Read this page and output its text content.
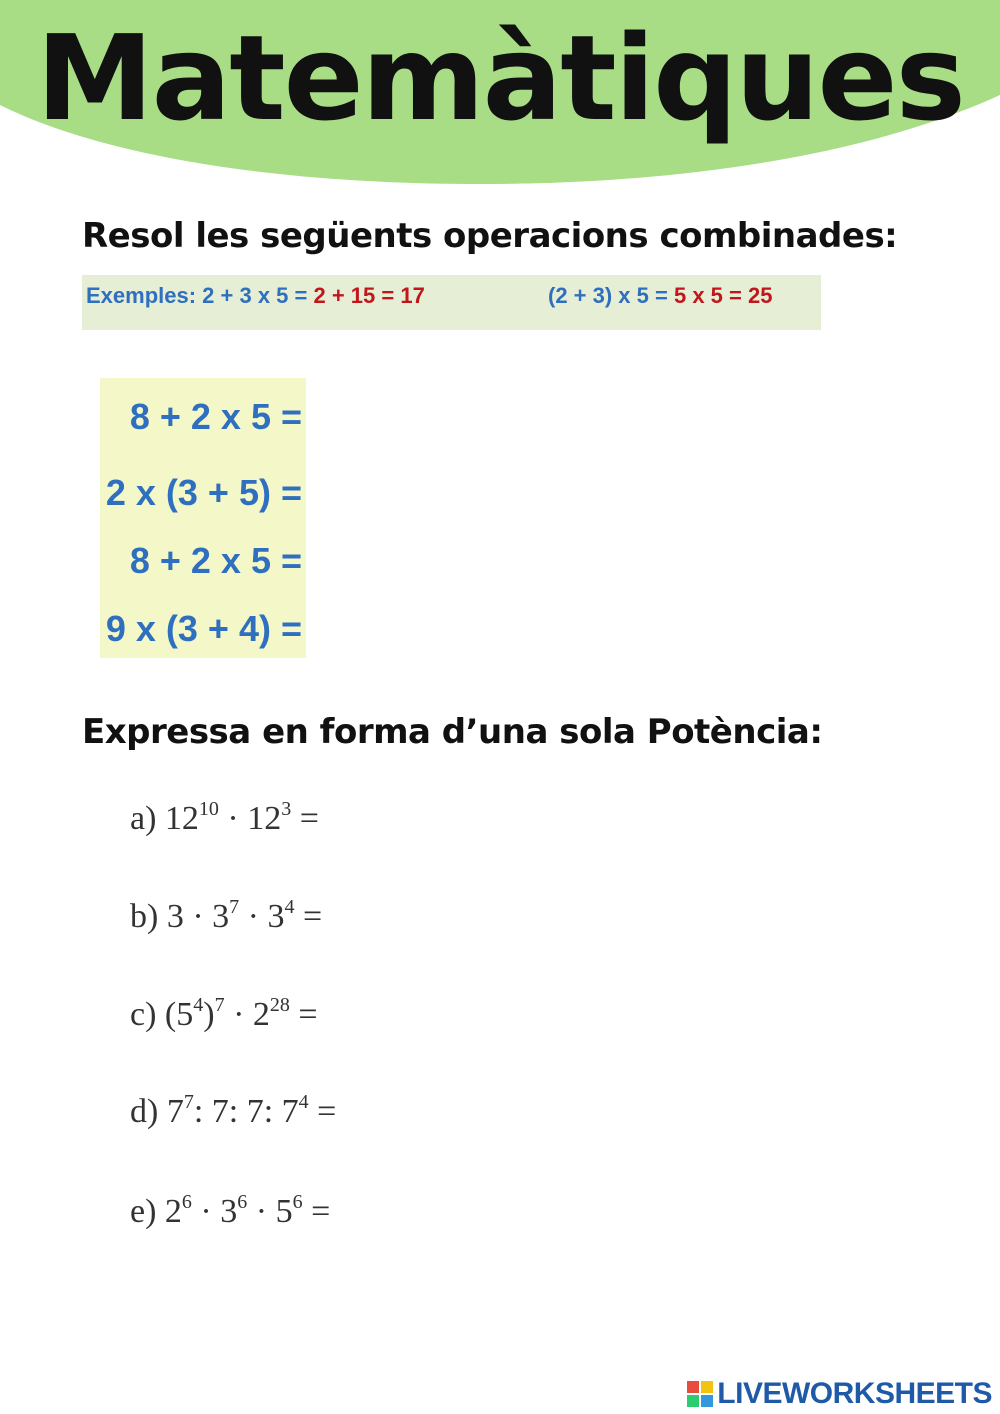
Matemàtiques
Resol les següents operacions combinades:
Exemples: 2 + 3 x 5 = 2 + 15 = 17	(2 + 3) x 5 = 5 x 5 = 25
8 + 2 x 5 =
2 x (3 + 5) =
8 + 2 x 5 =
9 x (3 + 4) =
Expressa en forma d’una sola Potència:
a) $12^{10} \cdot 12^3$ =
b) $3 \cdot 3^7 \cdot 3^4$ =
c) $(5^4)^7 \cdot 2^{28}$ =
d) $7^7$: 7: 7: $7^4$ =
e) $2^6 \cdot 3^6 \cdot 5^6$ =
LIVEWORKSHEETS
